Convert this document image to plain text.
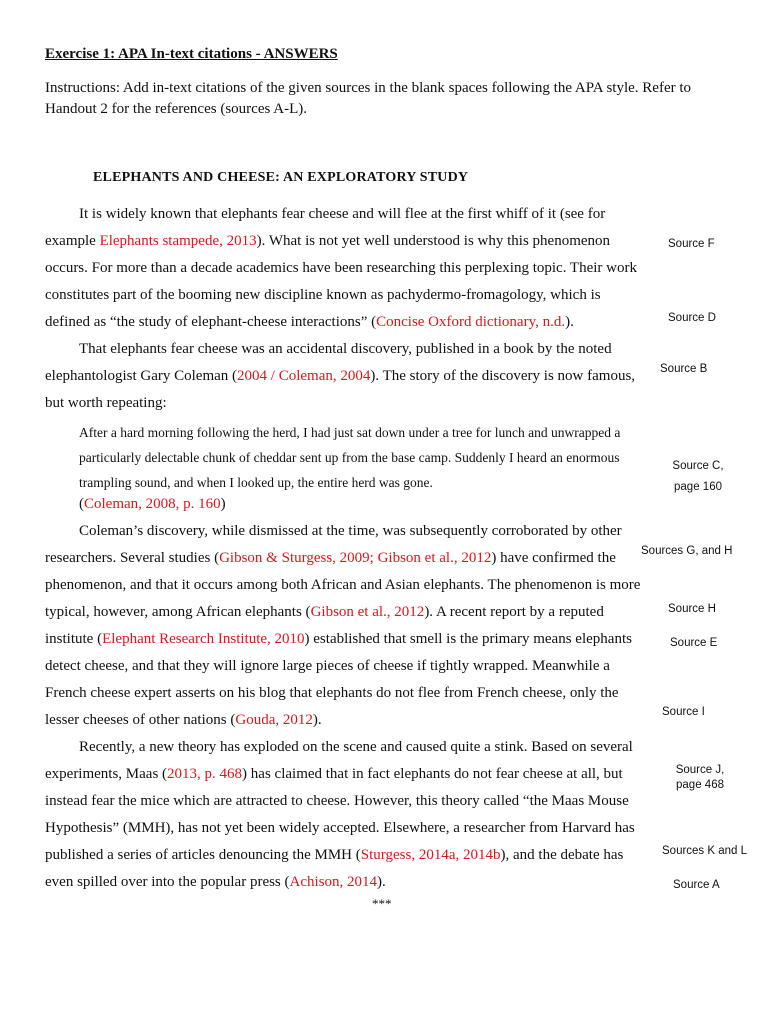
Exercise 1: APA In-text citations - ANSWERS
Instructions: Add in-text citations of the given sources in the blank spaces following the APA style. Refer to Handout 2 for the references (sources A-L).
ELEPHANTS AND CHEESE: AN EXPLORATORY STUDY

It is widely known that elephants fear cheese and will flee at the first whiff of it (see for example Elephants stampede, 2013). What is not yet well understood is why this phenomenon occurs. For more than a decade academics have been researching this perplexing topic. Their work constitutes part of the booming new discipline known as pachydermo-fromagology, which is defined as “the study of elephant-cheese interactions” (Concise Oxford dictionary, n.d.).

That elephants fear cheese was an accidental discovery, published in a book by the noted elephantologist Gary Coleman (2004 / Coleman, 2004). The story of the discovery is now famous, but worth repeating:

After a hard morning following the herd, I had just sat down under a tree for lunch and unwrapped a particularly delectable chunk of cheddar sent up from the base camp. Suddenly I heard an enormous trampling sound, and when I looked up, the entire herd was gone.
(Coleman, 2008, p. 160)

Coleman’s discovery, while dismissed at the time, was subsequently corroborated by other researchers. Several studies (Gibson & Sturgess, 2009; Gibson et al., 2012) have confirmed the phenomenon, and that it occurs among both African and Asian elephants. The phenomenon is more typical, however, among African elephants (Gibson et al., 2012). A recent report by a reputed institute (Elephant Research Institute, 2010) established that smell is the primary means elephants detect cheese, and that they will ignore large pieces of cheese if tightly wrapped. Meanwhile a French cheese expert asserts on his blog that elephants do not flee from French cheese, only the lesser cheeses of other nations (Gouda, 2012).

Recently, a new theory has exploded on the scene and caused quite a stink. Based on several experiments, Maas (2013, p. 468) has claimed that in fact elephants do not fear cheese at all, but instead fear the mice which are attracted to cheese. However, this theory called “the Maas Mouse Hypothesis” (MMH), has not yet been widely accepted. Elsewhere, a researcher from Harvard has published a series of articles denouncing the MMH (Sturgess, 2014a, 2014b), and the debate has even spilled over into the popular press (Achison, 2014).

***
Source F
Source D
Source B
Source C,
page 160
Sources G, and H
Source H
Source E
Source I
Source J,
page 468
Sources K and L
Source A
